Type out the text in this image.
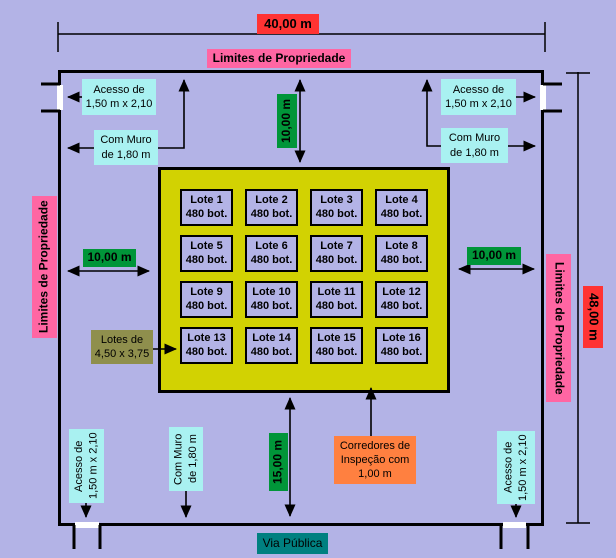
Lote 1
480 bot.
Lote 2
480 bot.
Lote 3
480 bot.
Lote 4
480 bot.
Lote 5
480 bot.
Lote 6
480 bot.
Lote 7
480 bot.
Lote 8
480 bot.
Lote 9
480 bot.
Lote 10
480 bot.
Lote 11
480 bot.
Lote 12
480 bot.
Lote 13
480 bot.
Lote 14
480 bot.
Lote 15
480 bot.
Lote 16
480 bot.
40,00 m
Limites de Propriedade
Limites de Propriedade	Limites de Propriedade	48,00 m
Acesso de
1,50 m x 2,10
Acesso de
1,50 m x 2,10
Acesso de 1,50 m x 2,10	Acesso de 1,50 m x 2,10
Com Muro
de 1,80 m
Com Muro
de 1,80 m
Com Muro de 1,80 m
10,00 m
10,00 m	10,00 m
15,00 m
Lotes de
4,50 x 3,75
Corredores de
Inspeção com
1,00 m
Via Pública
